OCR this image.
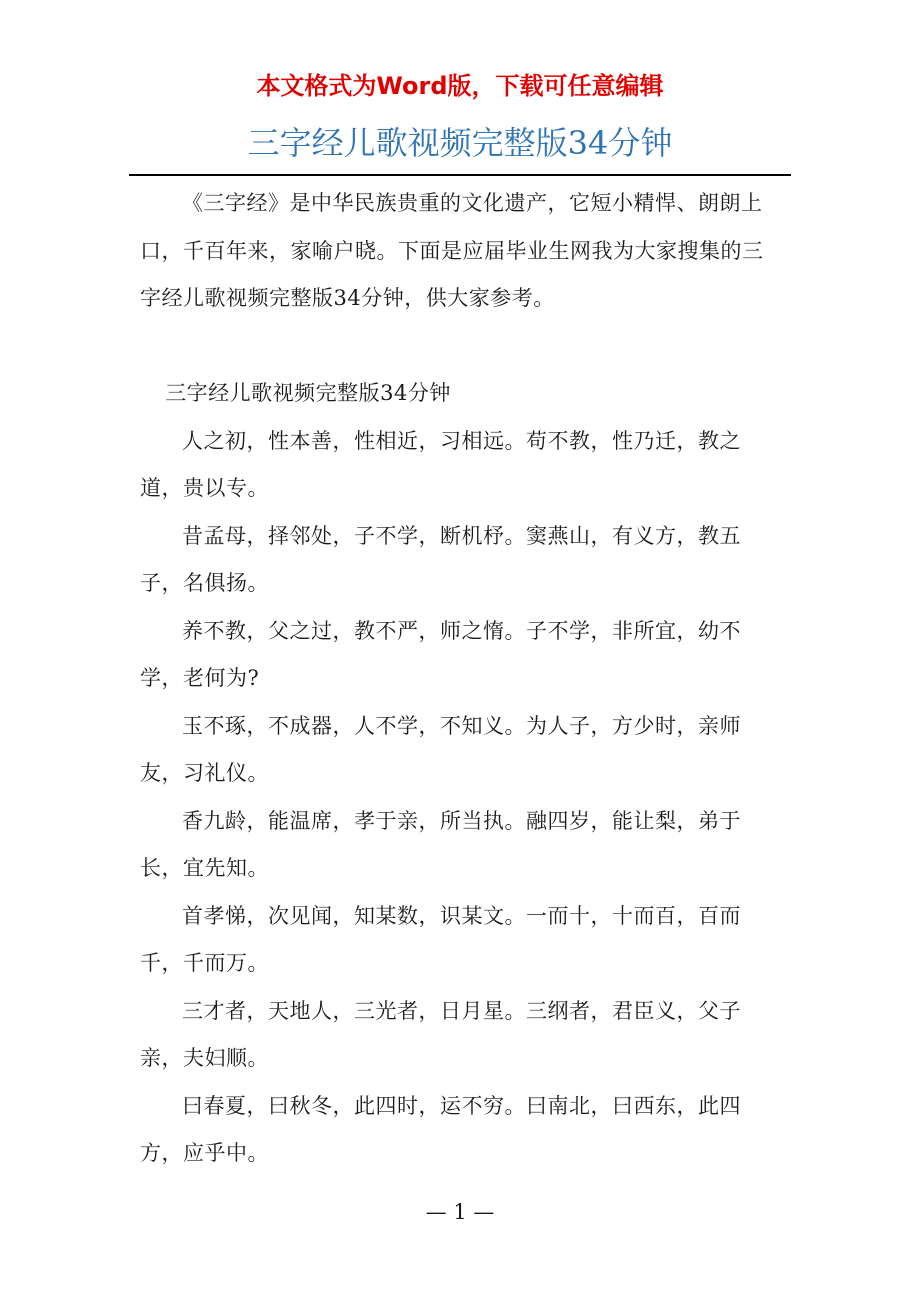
本文格式为Word版，下载可任意编辑
三字经儿歌视频完整版34分钟

《三字经》是中华民族贵重的文化遗产，它短小精悍、朗朗上口，千百年来，家喻户晓。下面是应届毕业生网我为大家搜集的三字经儿歌视频完整版34分钟，供大家参考。

三字经儿歌视频完整版34分钟

人之初，性本善，性相近，习相远。苟不教，性乃迁，教之道，贵以专。

昔孟母，择邻处，子不学，断机杼。窦燕山，有义方，教五子，名俱扬。

养不教，父之过，教不严，师之惰。子不学，非所宜，幼不学，老何为?

玉不琢，不成器，人不学，不知义。为人子，方少时，亲师友，习礼仪。

香九龄，能温席，孝于亲，所当执。融四岁，能让梨，弟于长，宜先知。

首孝悌，次见闻，知某数，识某文。一而十，十而百，百而千，千而万。

三才者，天地人，三光者，日月星。三纲者，君臣义，父子亲，夫妇顺。

曰春夏，曰秋冬，此四时，运不穷。曰南北，曰西东，此四方，应乎中。

— 1 —
